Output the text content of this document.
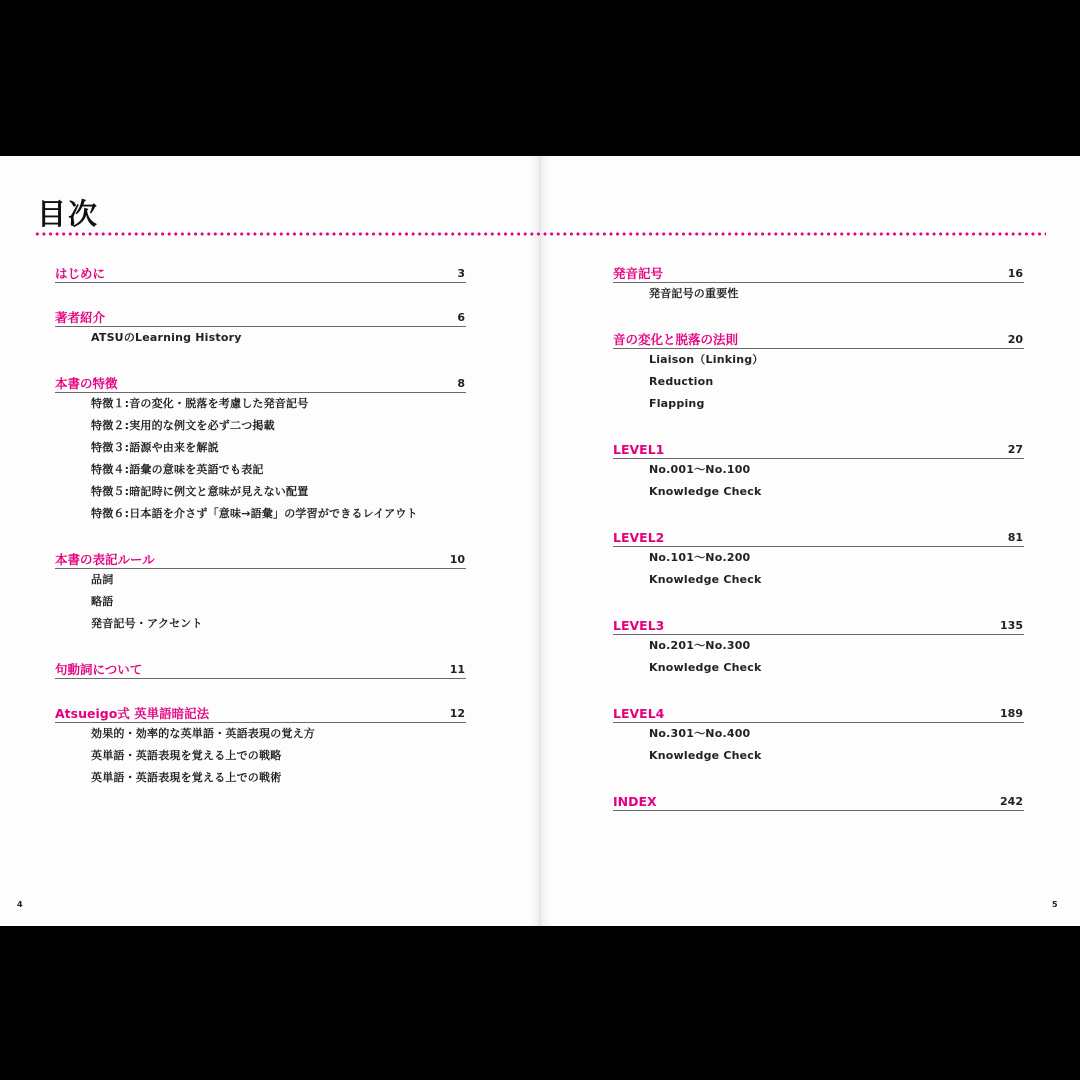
目次
はじめに	3
著者紹介	6
ATSUのLearning History
本書の特徴	8
特徴１:音の変化・脱落を考慮した発音記号
特徴２:実用的な例文を必ず二つ掲載
特徴３:語源や由来を解説
特徴４:語彙の意味を英語でも表記
特徴５:暗記時に例文と意味が見えない配置
特徴６:日本語を介さず「意味→語彙」の学習ができるレイアウト
本書の表記ルール	10
品詞
略語
発音記号・アクセント
句動詞について	11
Atsueigo式 英単語暗記法	12
効果的・効率的な英単語・英語表現の覚え方
英単語・英語表現を覚える上での戦略
英単語・英語表現を覚える上での戦術
発音記号	16
発音記号の重要性
音の変化と脱落の法則	20
Liaison（Linking）
Reduction
Flapping
LEVEL1	27
No.001〜No.100
Knowledge Check
LEVEL2	81
No.101〜No.200
Knowledge Check
LEVEL3	135
No.201〜No.300
Knowledge Check
LEVEL4	189
No.301〜No.400
Knowledge Check
INDEX	242
4	5
